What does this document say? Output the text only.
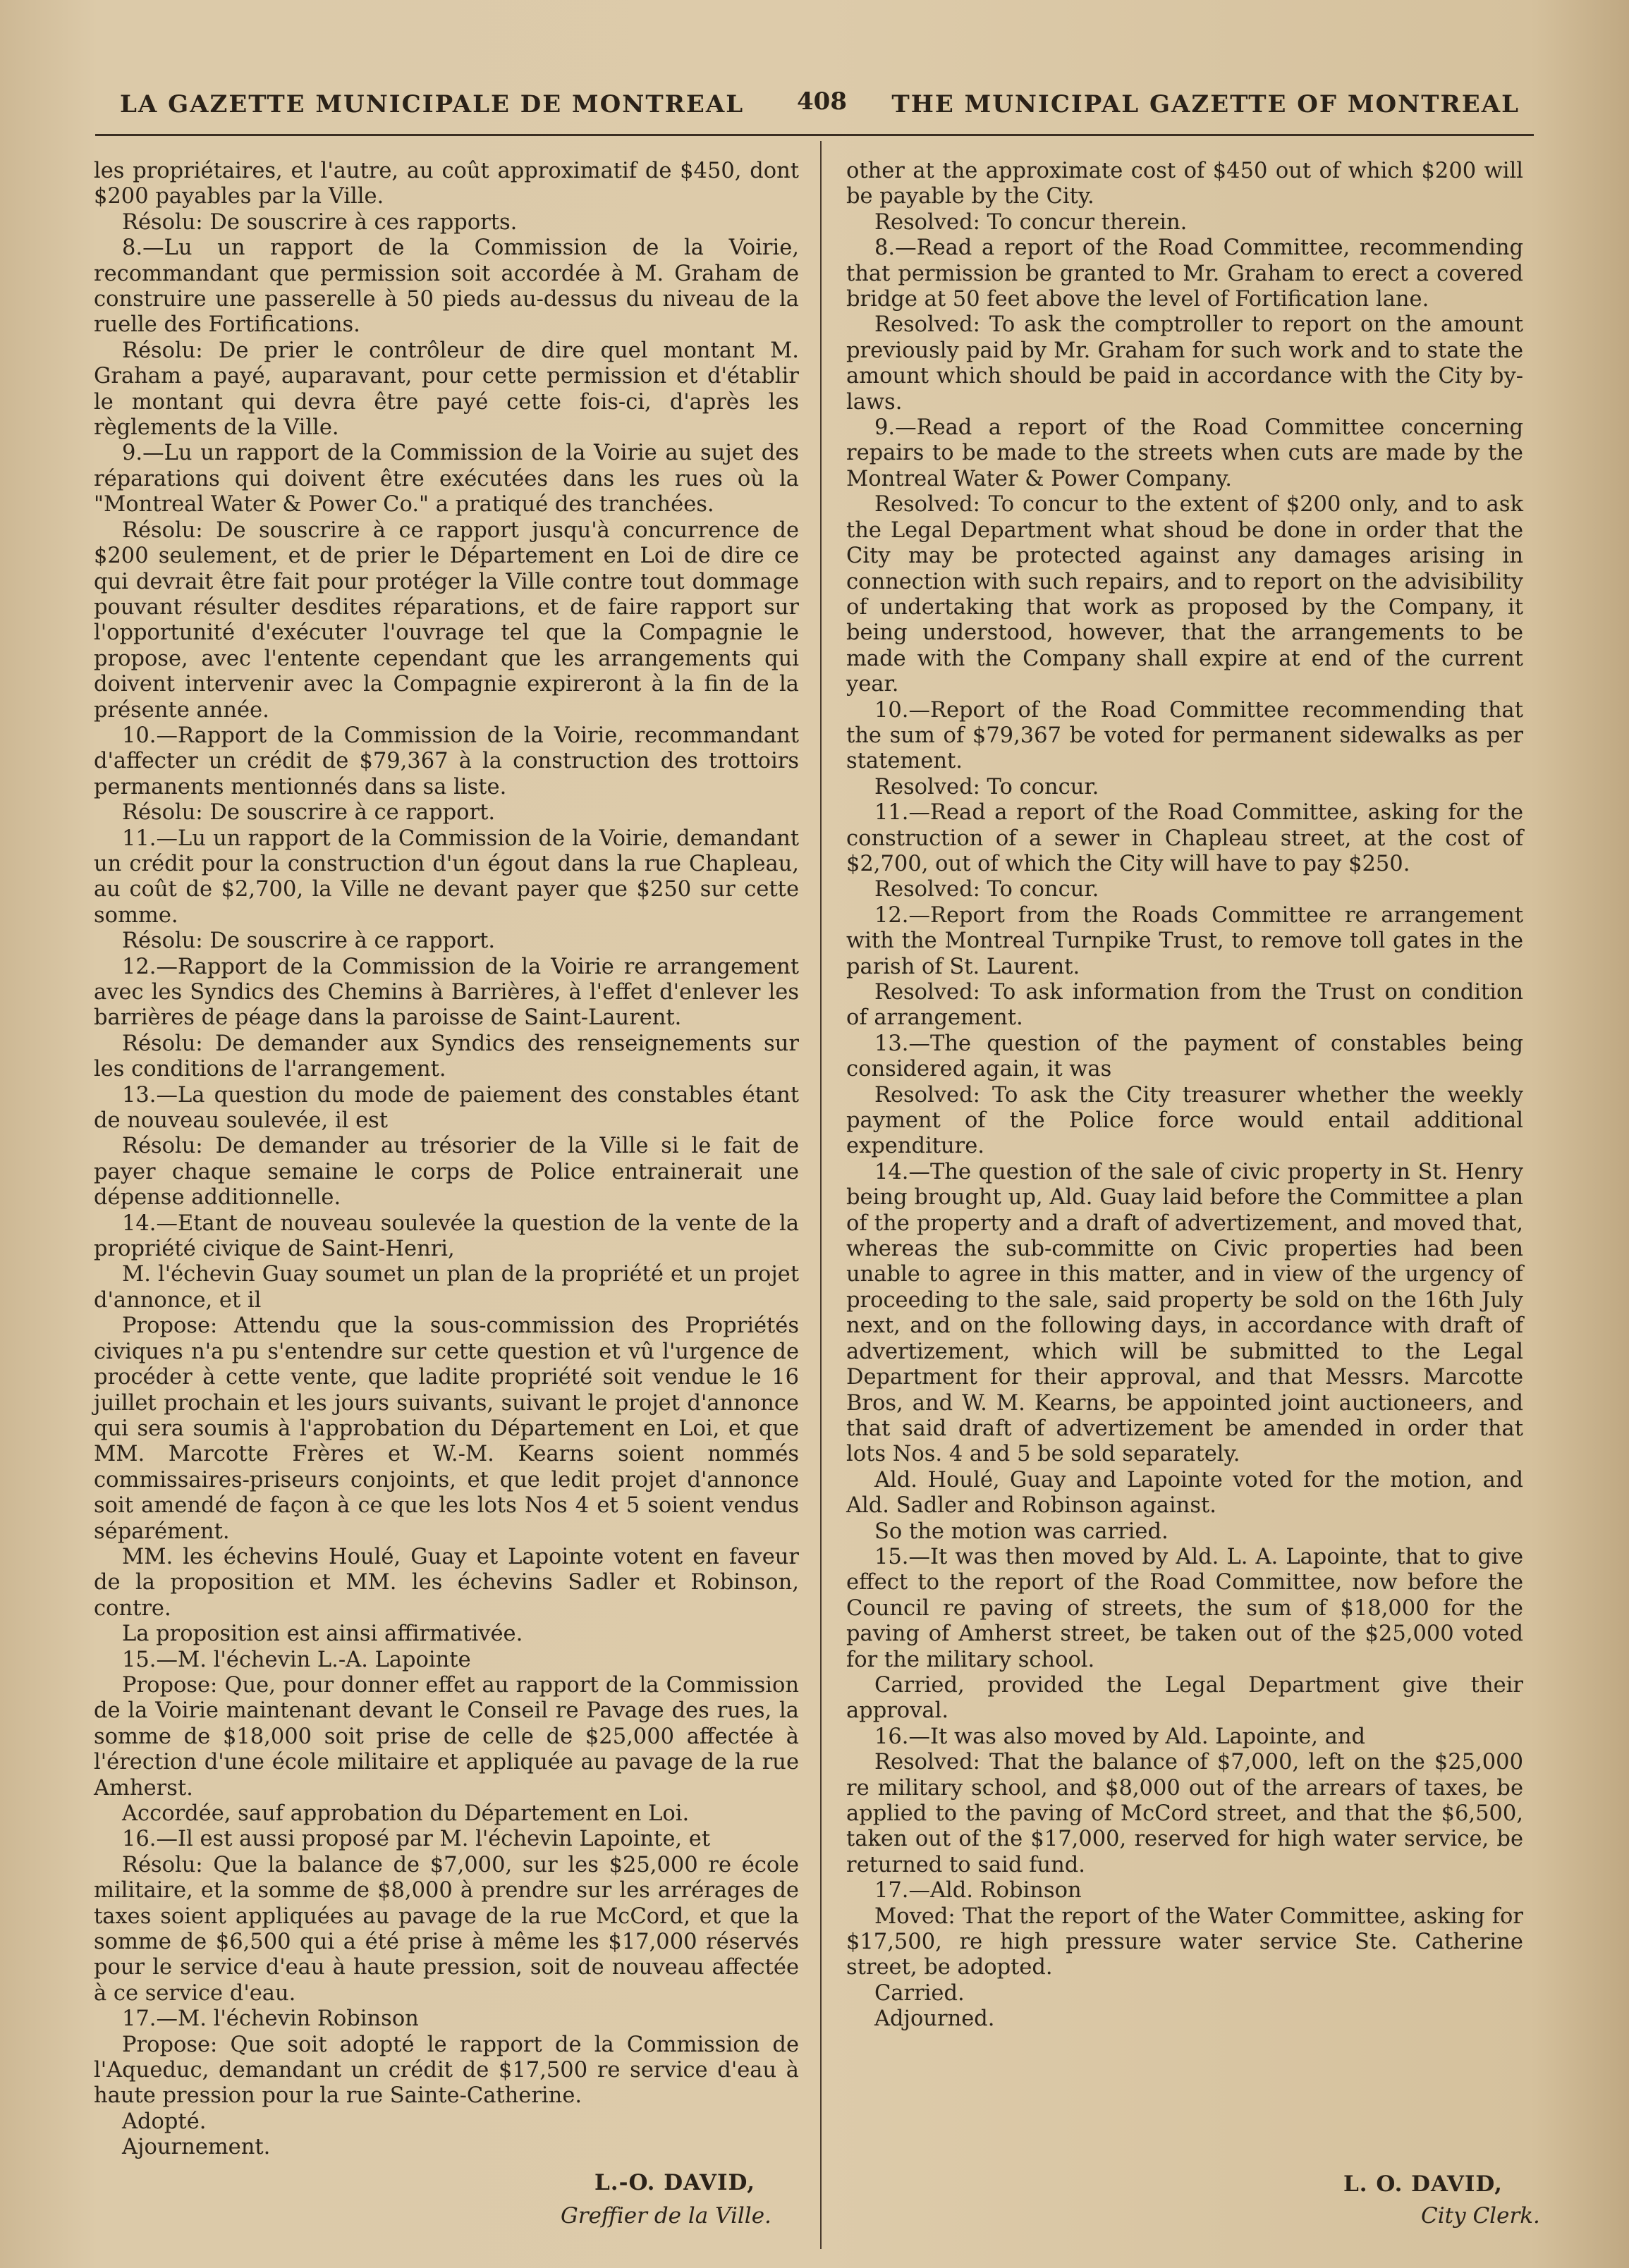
LA GAZETTE MUNICIPALE DE MONTREAL 408 THE MUNICIPAL GAZETTE OF MONTREAL

les propriétaires, et l'autre, au coût approximatif de $450, dont $200 payables par la Ville.

Résolu: De souscrire à ces rapports.

8.—Lu un rapport de la Commission de la Voirie, recommandant que permission soit accordée à M. Graham de construire une passerelle à 50 pieds au-dessus du niveau de la ruelle des Fortifications.

Résolu: De prier le contrôleur de dire quel montant M. Graham a payé, auparavant, pour cette permission et d'établir le montant qui devra être payé cette fois-ci, d'après les règlements de la Ville.

9.—Lu un rapport de la Commission de la Voirie au sujet des réparations qui doivent être exécutées dans les rues où la "Montreal Water & Power Co." a pratiqué des tranchées.

Résolu: De souscrire à ce rapport jusqu'à concurrence de $200 seulement, et de prier le Département en Loi de dire ce qui devrait être fait pour protéger la Ville contre tout dommage pouvant résulter desdites réparations, et de faire rapport sur l'opportunité d'exécuter l'ouvrage tel que la Compagnie le propose, avec l'entente cependant que les arrangements qui doivent intervenir avec la Compagnie expireront à la fin de la présente année.

10.—Rapport de la Commission de la Voirie, recommandant d'affecter un crédit de $79,367 à la construction des trottoirs permanents mentionnés dans sa liste.

Résolu: De souscrire à ce rapport.

11.—Lu un rapport de la Commission de la Voirie, demandant un crédit pour la construction d'un égout dans la rue Chapleau, au coût de $2,700, la Ville ne devant payer que $250 sur cette somme.

Résolu: De souscrire à ce rapport.

12.—Rapport de la Commission de la Voirie re arrangement avec les Syndics des Chemins à Barrières, à l'effet d'enlever les barrières de péage dans la paroisse de Saint-Laurent.

Résolu: De demander aux Syndics des renseignements sur les conditions de l'arrangement.

13.—La question du mode de paiement des constables étant de nouveau soulevée, il est

Résolu: De demander au trésorier de la Ville si le fait de payer chaque semaine le corps de Police entrainerait une dépense additionnelle.

14.—Etant de nouveau soulevée la question de la vente de la propriété civique de Saint-Henri,

M. l'échevin Guay soumet un plan de la propriété et un projet d'annonce, et il

Propose: Attendu que la sous-commission des Propriétés civiques n'a pu s'entendre sur cette question et vû l'urgence de procéder à cette vente, que ladite propriété soit vendue le 16 juillet prochain et les jours suivants, suivant le projet d'annonce qui sera soumis à l'approbation du Département en Loi, et que MM. Marcotte Frères et W.-M. Kearns soient nommés commissaires-priseurs conjoints, et que ledit projet d'annonce soit amendé de façon à ce que les lots Nos 4 et 5 soient vendus séparément.

MM. les échevins Houlé, Guay et Lapointe votent en faveur de la proposition et MM. les échevins Sadler et Robinson, contre.

La proposition est ainsi affirmativée.

15.—M. l'échevin L.-A. Lapointe

Propose: Que, pour donner effet au rapport de la Commission de la Voirie maintenant devant le Conseil re Pavage des rues, la somme de $18,000 soit prise de celle de $25,000 affectée à l'érection d'une école militaire et appliquée au pavage de la rue Amherst.

Accordée, sauf approbation du Département en Loi.

16.—Il est aussi proposé par M. l'échevin Lapointe, et

Résolu: Que la balance de $7,000, sur les $25,000 re école militaire, et la somme de $8,000 à prendre sur les arrérages de taxes soient appliquées au pavage de la rue McCord, et que la somme de $6,500 qui a été prise à même les $17,000 réservés pour le service d'eau à haute pression, soit de nouveau affectée à ce service d'eau.

17.—M. l'échevin Robinson

Propose: Que soit adopté le rapport de la Commission de l'Aqueduc, demandant un crédit de $17,500 re service d'eau à haute pression pour la rue Sainte-Catherine.

Adopté.

Ajournement.

other at the approximate cost of $450 out of which $200 will be payable by the City.

Resolved: To concur therein.

8.—Read a report of the Road Committee, recommending that permission be granted to Mr. Graham to erect a covered bridge at 50 feet above the level of Fortification lane.

Resolved: To ask the comptroller to report on the amount previously paid by Mr. Graham for such work and to state the amount which should be paid in accordance with the City by-laws.

9.—Read a report of the Road Committee concerning repairs to be made to the streets when cuts are made by the Montreal Water & Power Company.

Resolved: To concur to the extent of $200 only, and to ask the Legal Department what shoud be done in order that the City may be protected against any damages arising in connection with such repairs, and to report on the advisibility of undertaking that work as proposed by the Company, it being understood, however, that the arrangements to be made with the Company shall expire at end of the current year.

10.—Report of the Road Committee recommending that the sum of $79,367 be voted for permanent sidewalks as per statement.

Resolved: To concur.

11.—Read a report of the Road Committee, asking for the construction of a sewer in Chapleau street, at the cost of $2,700, out of which the City will have to pay $250.

Resolved: To concur.

12.—Report from the Roads Committee re arrangement with the Montreal Turnpike Trust, to remove toll gates in the parish of St. Laurent.

Resolved: To ask information from the Trust on condition of arrangement.

13.—The question of the payment of constables being considered again, it was

Resolved: To ask the City treasurer whether the weekly payment of the Police force would entail additional expenditure.

14.—The question of the sale of civic property in St. Henry being brought up, Ald. Guay laid before the Committee a plan of the property and a draft of advertizement, and moved that, whereas the sub-committe on Civic properties had been unable to agree in this matter, and in view of the urgency of proceeding to the sale, said property be sold on the 16th July next, and on the following days, in accordance with draft of advertizement, which will be submitted to the Legal Department for their approval, and that Messrs. Marcotte Bros, and W. M. Kearns, be appointed joint auctioneers, and that said draft of advertizement be amended in order that lots Nos. 4 and 5 be sold separately.

Ald. Houlé, Guay and Lapointe voted for the motion, and Ald. Sadler and Robinson against.

So the motion was carried.

15.—It was then moved by Ald. L. A. Lapointe, that to give effect to the report of the Road Committee, now before the Council re paving of streets, the sum of $18,000 for the paving of Amherst street, be taken out of the $25,000 voted for the military school.

Carried, provided the Legal Department give their approval.

16.—It was also moved by Ald. Lapointe, and

Resolved: That the balance of $7,000, left on the $25,000 re military school, and $8,000 out of the arrears of taxes, be applied to the paving of McCord street, and that the $6,500, taken out of the $17,000, reserved for high water service, be returned to said fund.

17.—Ald. Robinson

Moved: That the report of the Water Committee, asking for $17,500, re high pressure water service Ste. Catherine street, be adopted.

Carried.

Adjourned.

L.-O. DAVID,
Greffier de la Ville.
L. O. DAVID,
City Clerk.
